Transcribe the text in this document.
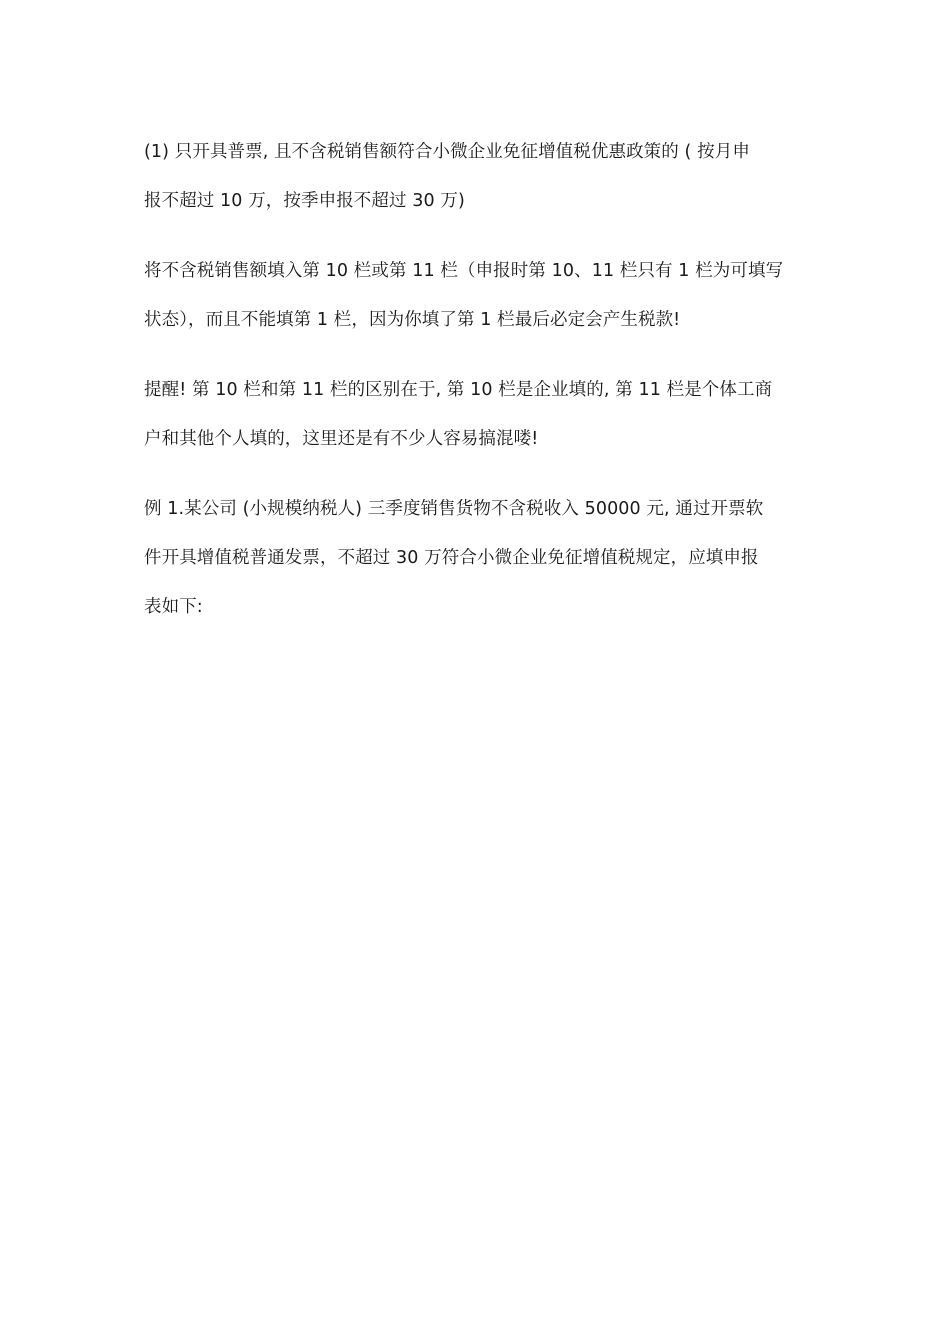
(1) 只开具普票, 且不含税销售额符合小微企业免征增值税优惠政策的 ( 按月申
报不超过 10 万，按季申报不超过 30 万)

将不含税销售额填入第 10 栏或第 11 栏（申报时第 10、11 栏只有 1 栏为可填写
状态），而且不能填第 1 栏，因为你填了第 1 栏最后必定会产生税款!

提醒! 第 10 栏和第 11 栏的区别在于, 第 10 栏是企业填的, 第 11 栏是个体工商
户和其他个人填的，这里还是有不少人容易搞混喽!

例 1.某公司 (小规模纳税人) 三季度销售货物不含税收入 50000 元, 通过开票软
件开具增值税普通发票，不超过 30 万符合小微企业免征增值税规定，应填申报
表如下:
